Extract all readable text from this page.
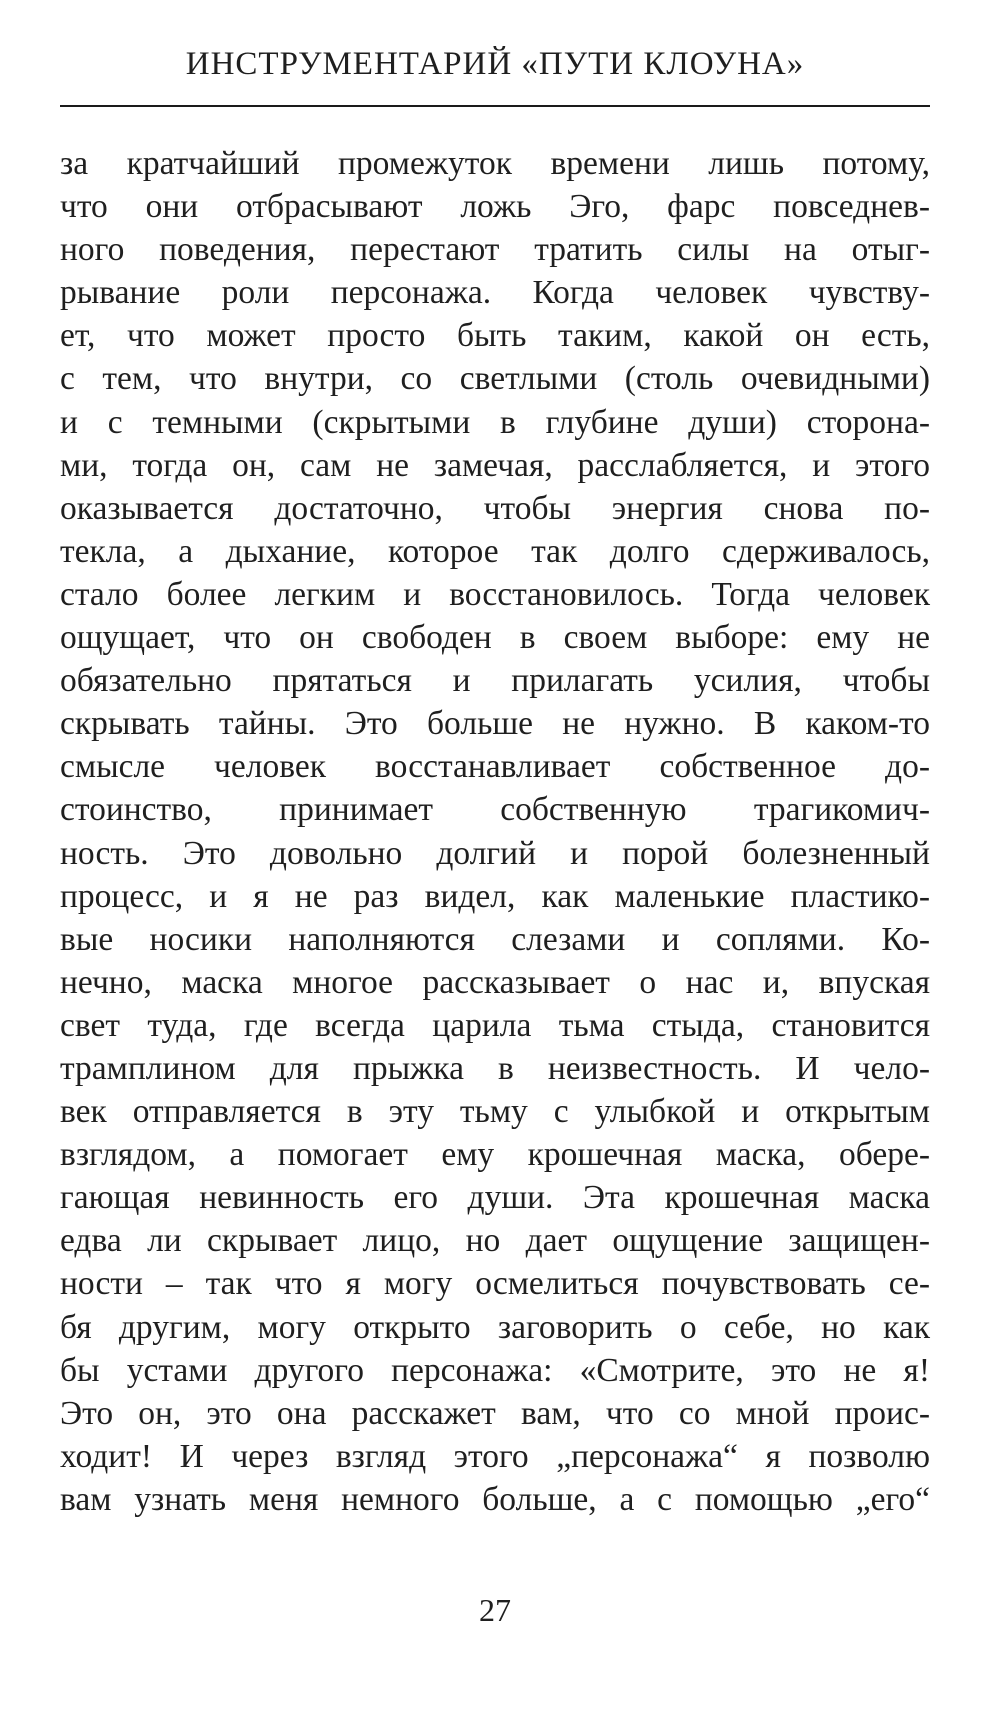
ИНСТРУМЕНТАРИЙ «ПУТИ КЛОУНА»
за кратчайший промежуток времени лишь потому,
что они отбрасывают ложь Эго, фарс повседнев-
ного поведения, перестают тратить силы на отыг-
рывание роли персонажа. Когда человек чувству-
ет, что может просто быть таким, какой он есть,
с тем, что внутри, со светлыми (столь очевидными)
и с темными (скрытыми в глубине души) сторона-
ми, тогда он, сам не замечая, расслабляется, и этого
оказывается достаточно, чтобы энергия снова по-
текла, а дыхание, которое так долго сдерживалось,
стало более легким и восстановилось. Тогда человек
ощущает, что он свободен в своем выборе: ему не
обязательно прятаться и прилагать усилия, чтобы
скрывать тайны. Это больше не нужно. В каком-то
смысле человек восстанавливает собственное до-
стоинство, принимает собственную трагикомич-
ность. Это довольно долгий и порой болезненный
процесс, и я не раз видел, как маленькие пластико-
вые носики наполняются слезами и соплями. Ко-
нечно, маска многое рассказывает о нас и, впуская
свет туда, где всегда царила тьма стыда, становится
трамплином для прыжка в неизвестность. И чело-
век отправляется в эту тьму с улыбкой и открытым
взглядом, а помогает ему крошечная маска, обере-
гающая невинность его души. Эта крошечная маска
едва ли скрывает лицо, но дает ощущение защищен-
ности – так что я могу осмелиться почувствовать се-
бя другим, могу открыто заговорить о себе, но как
бы устами другого персонажа: «Смотрите, это не я!
Это он, это она расскажет вам, что со мной проис-
ходит! И через взгляд этого „персонажа“ я позволю
вам узнать меня немного больше, а с помощью „его“
27
